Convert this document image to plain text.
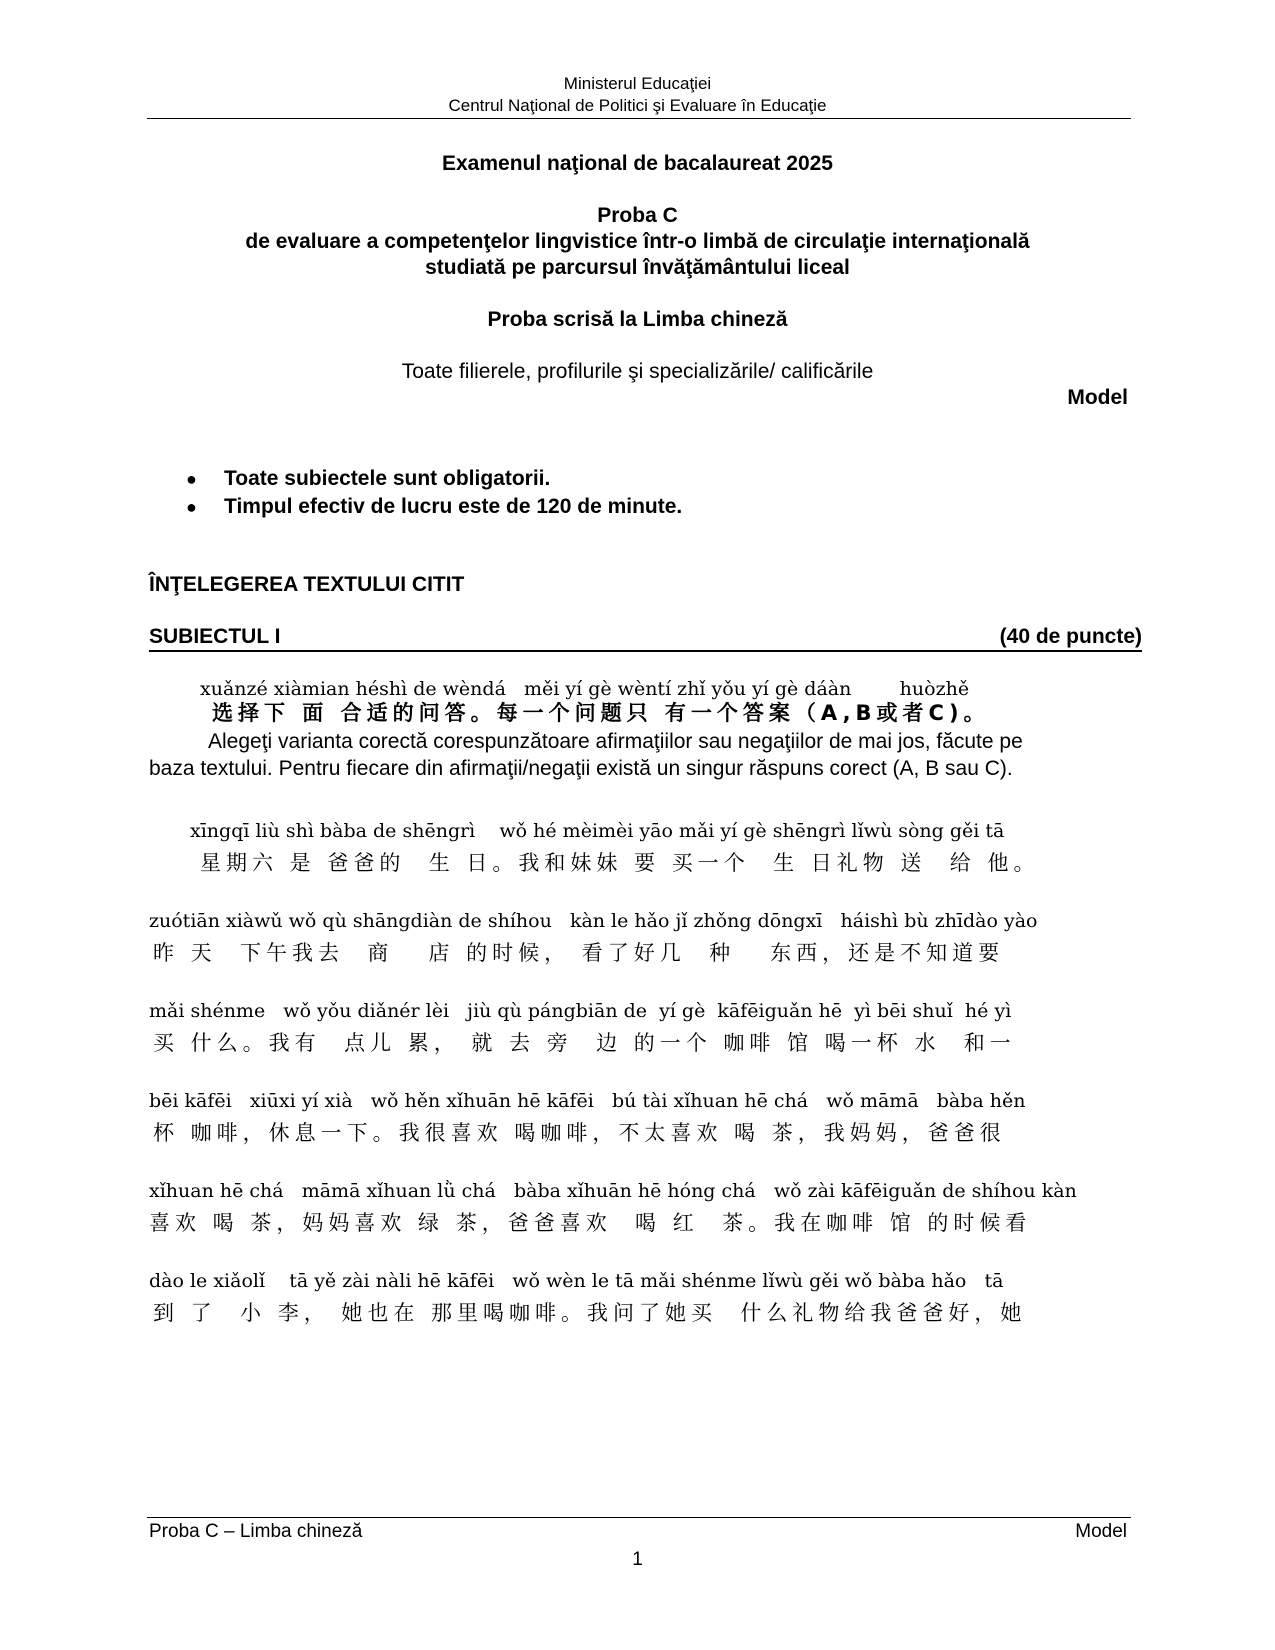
Ministerul Educaţiei
Centrul Naţional de Politici şi Evaluare în Educaţie
Examenul naţional de bacalaureat 2025
Proba C
de evaluare a competenţelor lingvistice într-o limbă de circulaţie internaţională
studiată pe parcursul învăţământului liceal
Proba scrisă la Limba chineză
Toate filierele, profilurile şi specializările/ calificările
Model
● Toate subiectele sunt obligatorii.
● Timpul efectiv de lucru este de 120 de minute.
ÎNŢELEGEREA TEXTULUI CITIT
SUBIECTUL I	(40 de puncte)
xuǎnzé xiàmian héshì de wèndá   měi yí gè wèntí zhǐ yǒu yí gè dáàn        huòzhě
选择下 面 合适的问答。每一个问题只 有一个答案（A,B或者C)。
Alegeţi varianta corectă corespunzătoare afirmaţiilor sau negaţiilor de mai jos, făcute pe
baza textului. Pentru fiecare din afirmaţii/negaţii există un singur răspuns corect (A, B sau C).
xīngqī liù shì bàba de shēngrì    wǒ hé mèimèi yāo mǎi yí gè shēngrì lǐwù sòng gěi tā
星期六 是 爸爸的  生 日。我和妹妹 要 买一个  生 日礼物 送  给 他。
zuótiān xiàwǔ wǒ qù shāngdiàn de shíhou   kàn le hǎo jǐ zhǒng dōngxī   háishì bù zhīdào yào
昨 天  下午我去  商   店 的时候， 看了好几  种   东西，还是不知道要
mǎi shénme   wǒ yǒu diǎnér lèi   jiù qù pángbiān de  yí gè  kāfēiguǎn hē  yì bēi shuǐ  hé yì
买 什么。我有  点儿 累， 就 去 旁  边 的一个 咖啡 馆 喝一杯 水  和一
bēi kāfēi   xiūxi yí xià   wǒ hěn xǐhuān hē kāfēi   bú tài xǐhuan hē chá   wǒ māmā   bàba hěn
杯 咖啡，休息一下。我很喜欢 喝咖啡，不太喜欢 喝 茶，我妈妈，爸爸很
xǐhuan hē chá   māmā xǐhuan lǜ chá   bàba xǐhuān hē hóng chá   wǒ zài kāfēiguǎn de shíhou kàn
喜欢 喝 茶，妈妈喜欢 绿 茶，爸爸喜欢  喝 红  茶。我在咖啡 馆 的时候看
dào le xiǎolǐ    tā yě zài nàli hē kāfēi   wǒ wèn le tā mǎi shénme lǐwù gěi wǒ bàba hǎo   tā
到 了  小 李， 她也在 那里喝咖啡。我问了她买  什么礼物给我爸爸好，她
Proba C – Limba chineză	Model
1
